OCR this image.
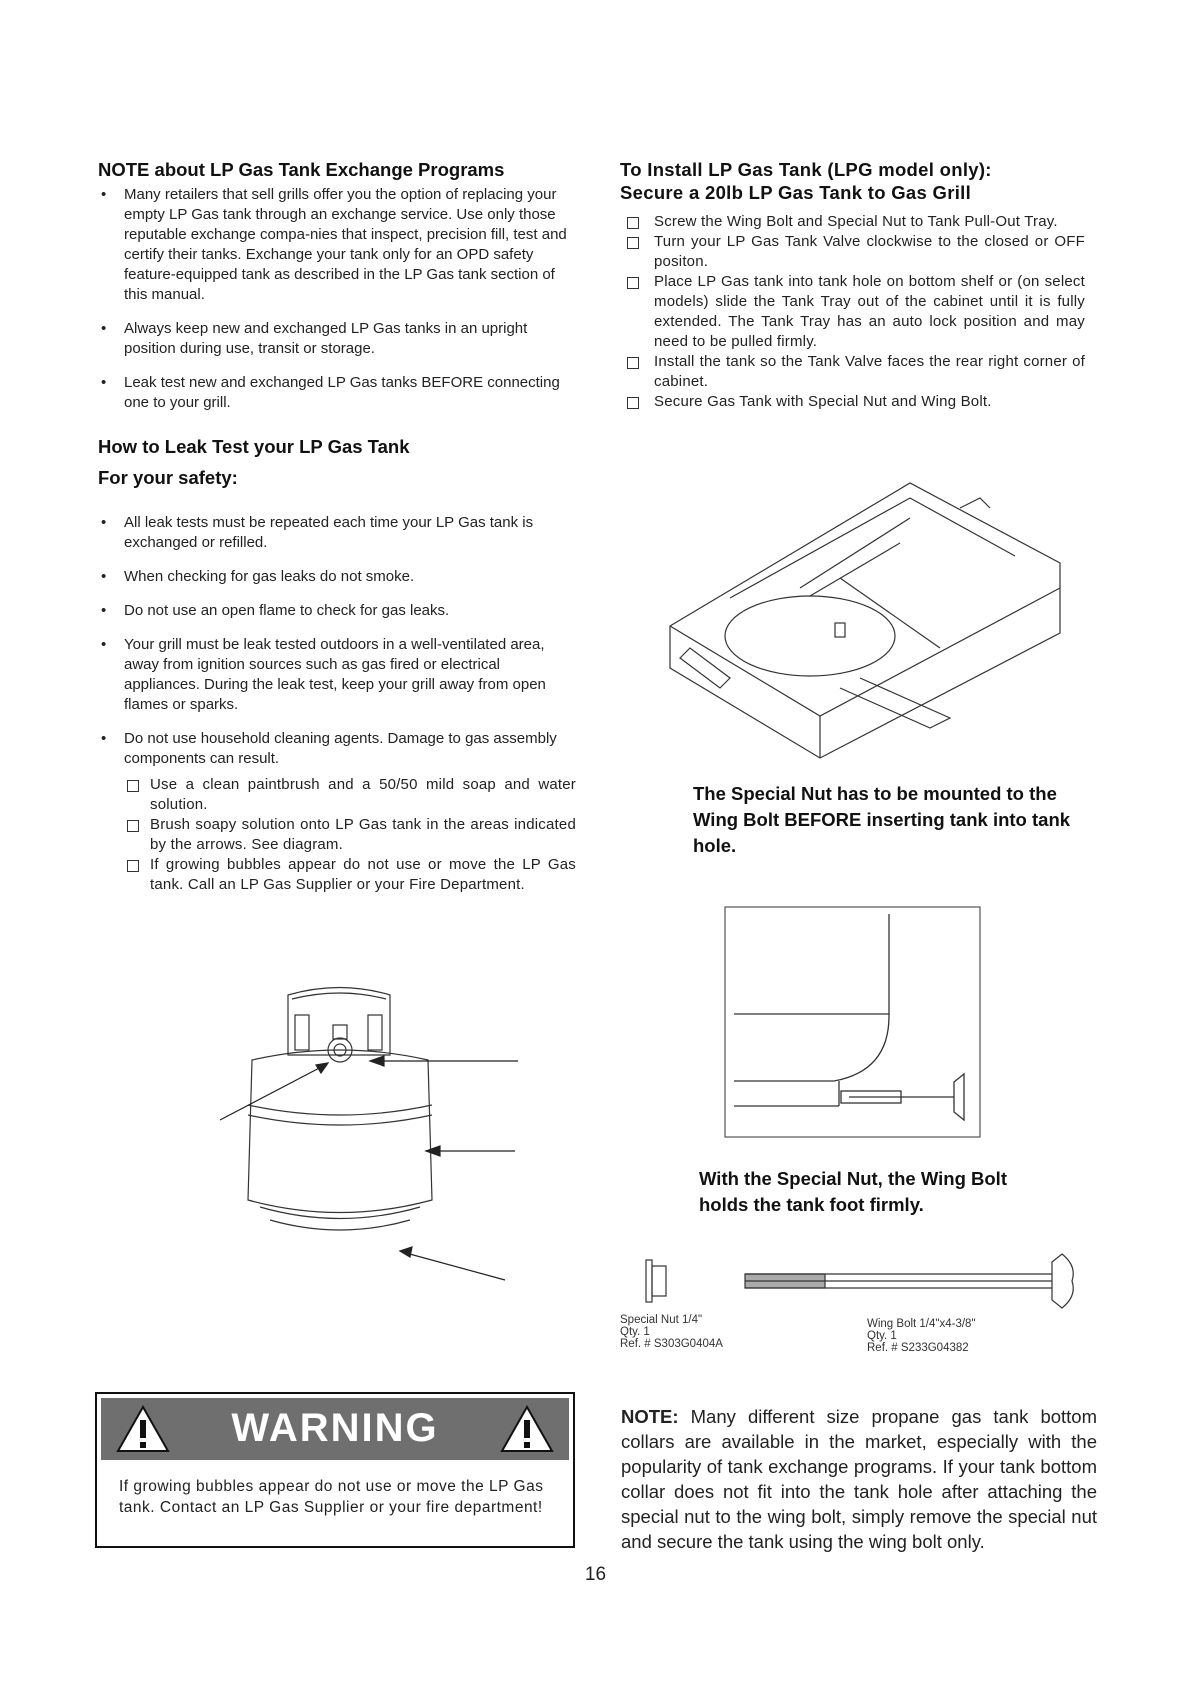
NOTE about LP Gas Tank Exchange Programs
• Many retailers that sell grills offer you the option of replacing your empty LP Gas tank through an exchange service. Use only those reputable exchange compa-nies that inspect, precision fill, test and certify their tanks. Exchange your tank only for an OPD safety feature-equipped tank as described in the LP Gas tank section of this manual.
• Always keep new and exchanged LP Gas tanks in an upright position during use, transit or storage.
• Leak test new and exchanged LP Gas tanks BEFORE connecting one to your grill.
How to Leak Test your LP Gas Tank
For your safety:
• All leak tests must be repeated each time your LP Gas tank is exchanged or refilled.
• When checking for gas leaks do not smoke.
• Do not use an open flame to check for gas leaks.
• Your grill must be leak tested outdoors in a well-ventilated area, away from ignition sources such as gas fired or electrical appliances. During the leak test, keep your grill away from open flames or sparks.
• Do not use household cleaning agents. Damage to gas assembly components can result.
Use a clean paintbrush and a 50/50 mild soap and water solution.
Brush soapy solution onto LP Gas tank in the areas indicated by the arrows. See diagram.
If growing bubbles appear do not use or move the LP Gas tank. Call an LP Gas Supplier or your Fire Department.
To Install LP Gas Tank (LPG model only):
Secure a 20lb LP Gas Tank to Gas Grill
Screw the Wing Bolt and Special Nut to Tank Pull-Out Tray.
Turn your LP Gas Tank Valve clockwise to the closed or OFF positon.
Place LP Gas tank into tank hole on bottom shelf or (on select models) slide the Tank Tray out of the cabinet until it is fully extended. The Tank Tray has an auto lock position and may need to be pulled firmly.
Install the tank so the Tank Valve faces the rear right corner of cabinet.
Secure Gas Tank with Special Nut and Wing Bolt.
The Special Nut has to be mounted to the Wing Bolt BEFORE inserting tank into tank hole.
With the Special Nut, the Wing Bolt holds the tank foot firmly.
Special Nut 1/4"
Qty. 1
Ref. # S303G0404A
Wing Bolt 1/4"x4-3/8"
Qty. 1
Ref. # S233G04382
WARNING
If growing bubbles appear do not use or move the LP Gas tank. Contact an LP Gas Supplier or your fire department!
NOTE: Many different size propane gas tank bottom collars are available in the market, especially with the popularity of tank exchange programs. If your tank bottom collar does not fit into the tank hole after attaching the special nut to the wing bolt, simply remove the special nut and secure the tank using the wing bolt only.
16
